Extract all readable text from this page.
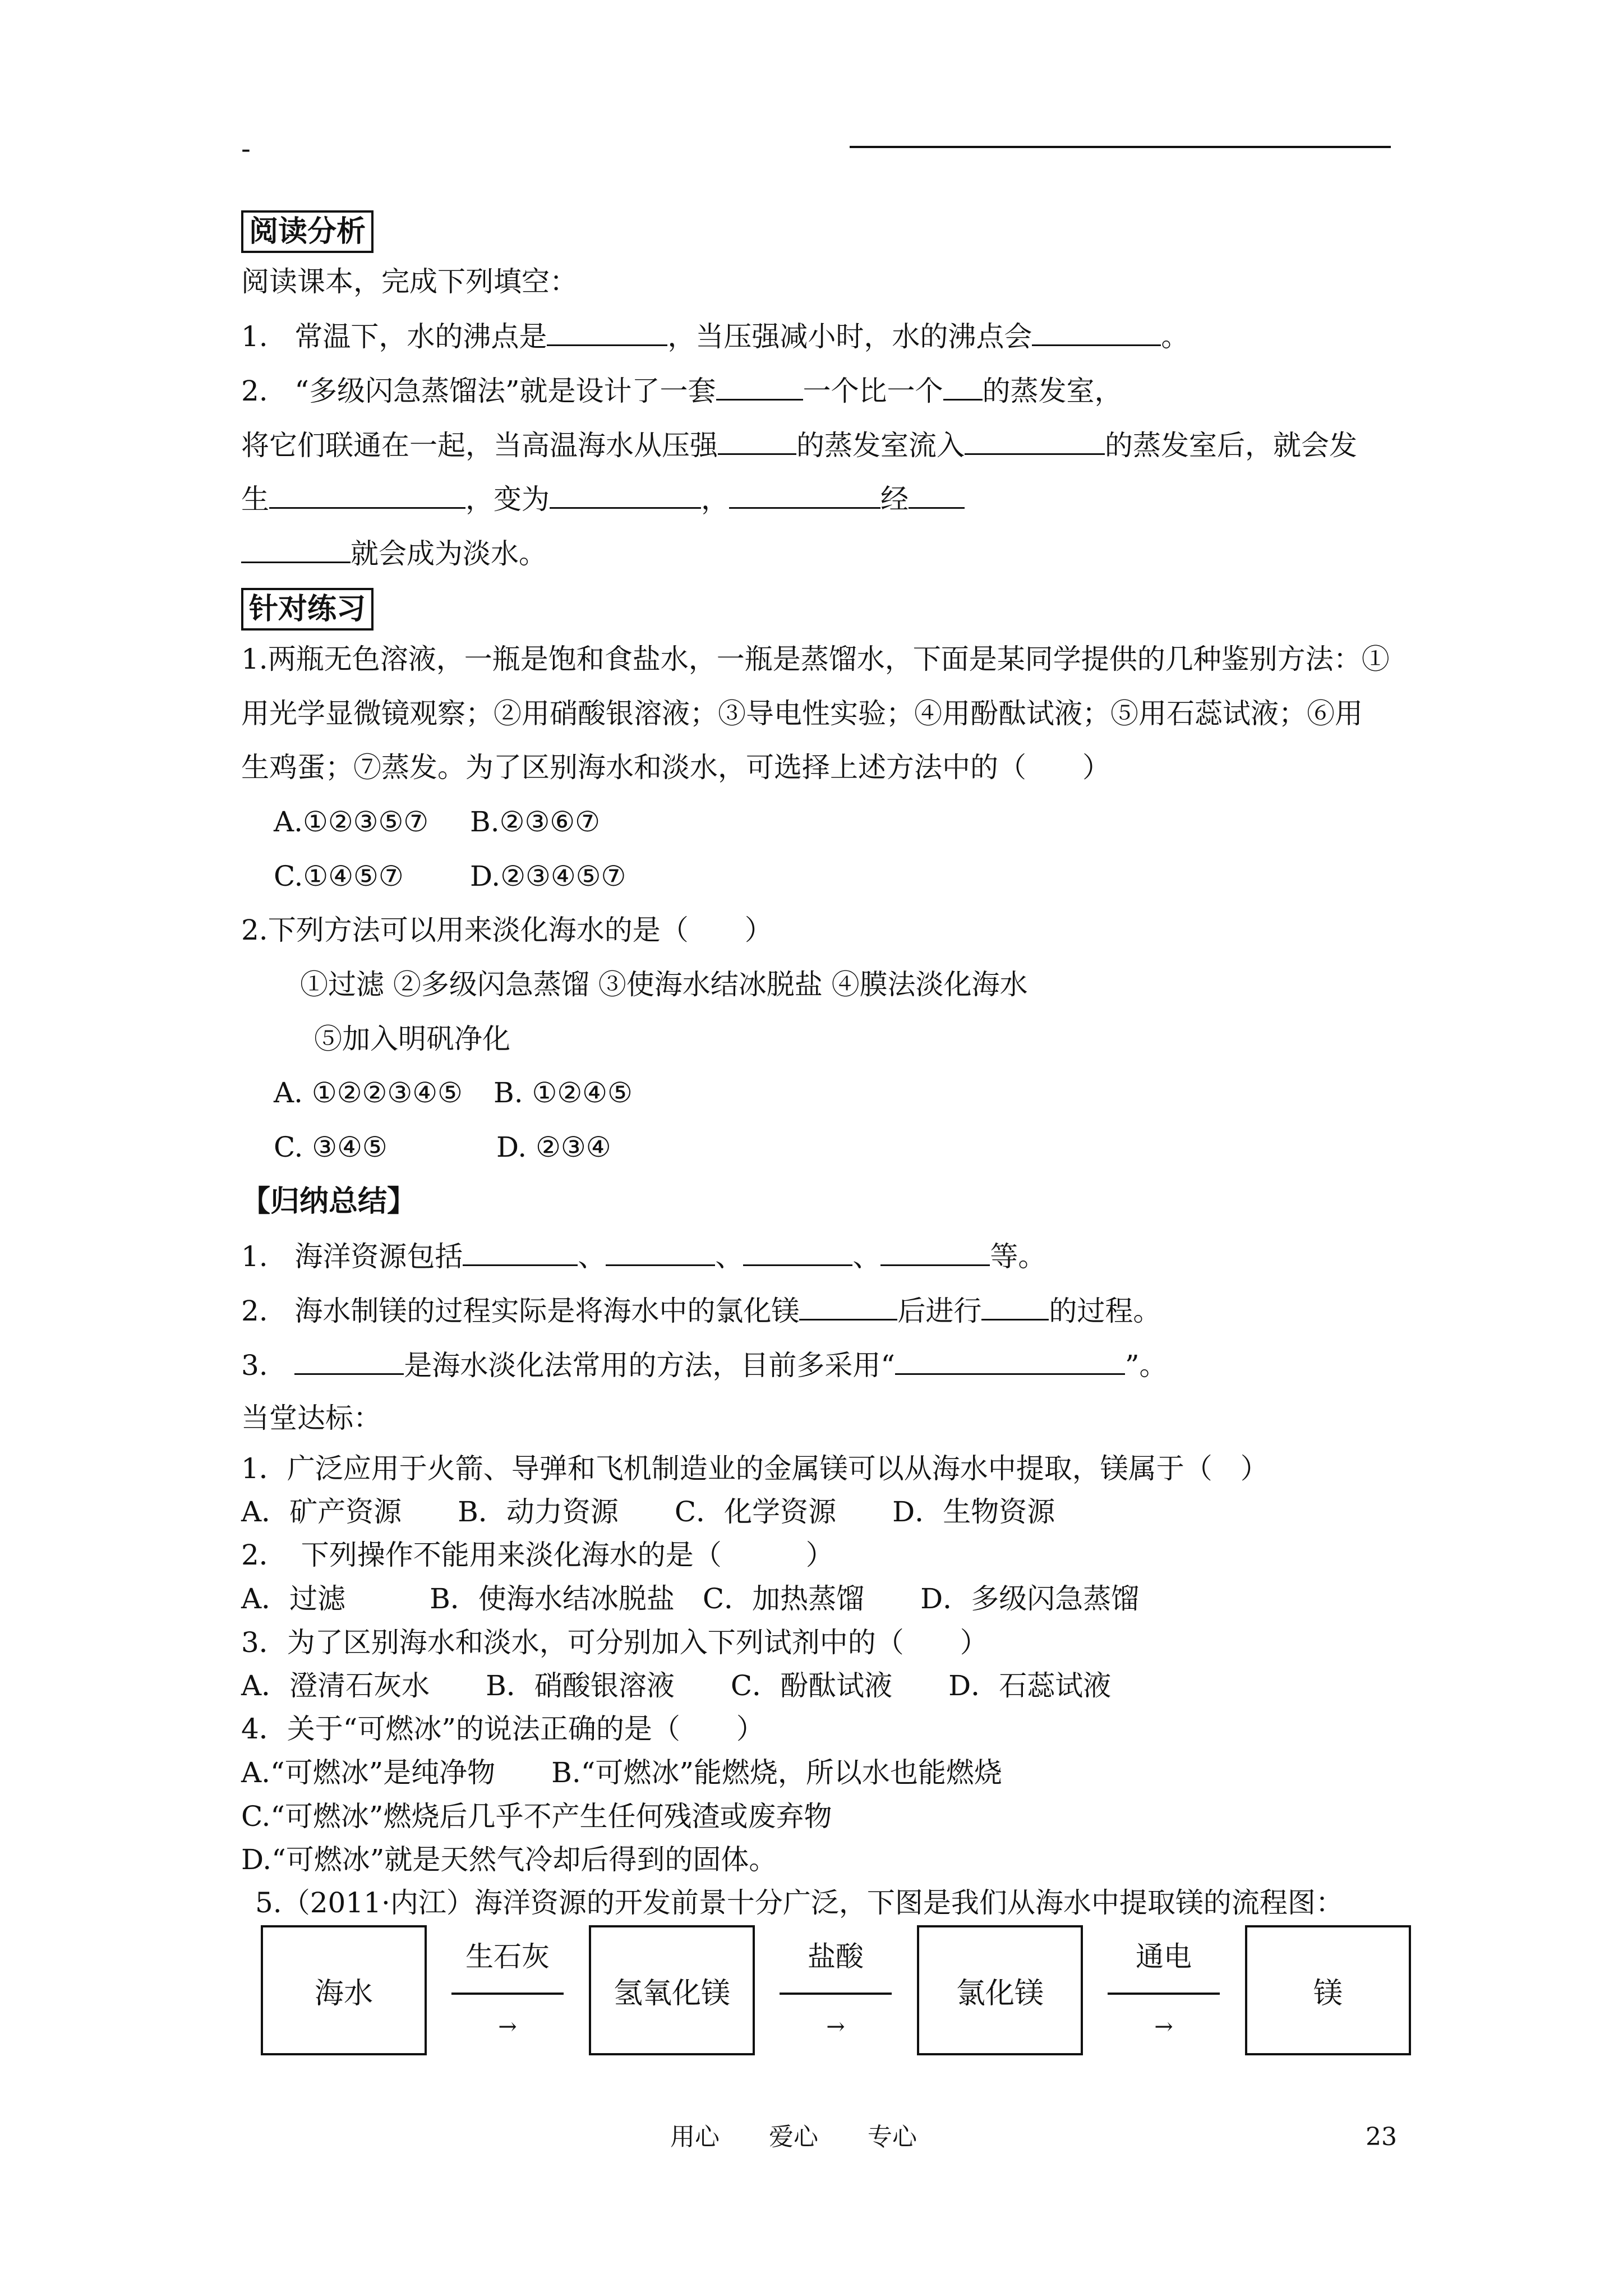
-
阅读分析
阅读课本，完成下列填空：
1. 常温下，水的沸点是	，当压强减小时，水的沸点会	。
2. “多级闪急蒸馏法”就是设计了一套	一个比一个 的蒸发室，
将它们联通在一起，当高温海水从压强	的蒸发室流入	的蒸发室后，就会发
生	，变为	，	经
就会成为淡水。
针对练习
1.两瓶无色溶液，一瓶是饱和食盐水，一瓶是蒸馏水，下面是某同学提供的几种鉴别方法：①
用光学显微镜观察；②用硝酸银溶液；③导电性实验；④用酚酞试液；⑤用石蕊试液；⑥用
生鸡蛋；⑦蒸发。为了区别海水和淡水，可选择上述方法中的（　　）
A.①②③⑤⑦ B.②③⑥⑦
C.①④⑤⑦ D.②③④⑤⑦
2.下列方法可以用来淡化海水的是（　　）
①过滤 ②多级闪急蒸馏 ③使海水结冰脱盐 ④膜法淡化海水
⑤加入明矾净化
A. ①②②③④⑤ B. ①②④⑤
C. ③④⑤	D. ②③④
【归纳总结】
1. 海洋资源包括	、	、	、	等。
2. 海水制镁的过程实际是将海水中的氯化镁	后进行 的过程。
3.	是海水淡化法常用的方法，目前多采用“	”。
当堂达标：
1．广泛应用于火箭、导弹和飞机制造业的金属镁可以从海水中提取，镁属于（　）
A．矿产资源　　B．动力资源　　C．化学资源　　D．生物资源
2．　下列操作不能用来淡化海水的是（　　　）
A．过滤　　　B．使海水结冰脱盐　C．加热蒸馏　　D．多级闪急蒸馏
3．为了区别海水和淡水，可分别加入下列试剂中的（　　）
A．澄清石灰水　　B．硝酸银溶液　　C．酚酞试液　　D．石蕊试液
4．关于“可燃冰”的说法正确的是（　　）
A.“可燃冰”是纯净物　　B.“可燃冰”能燃烧，所以水也能燃烧
C.“可燃冰”燃烧后几乎不产生任何残渣或废弃物
D.“可燃冰”就是天然气冷却后得到的固体。
5.（2011·内江）海洋资源的开发前景十分广泛，下图是我们从海水中提取镁的流程图：
海水	氢氧化镁	氯化镁	镁
生石灰	盐酸	通电
→	→	→
用心　　爱心　　专心	23
